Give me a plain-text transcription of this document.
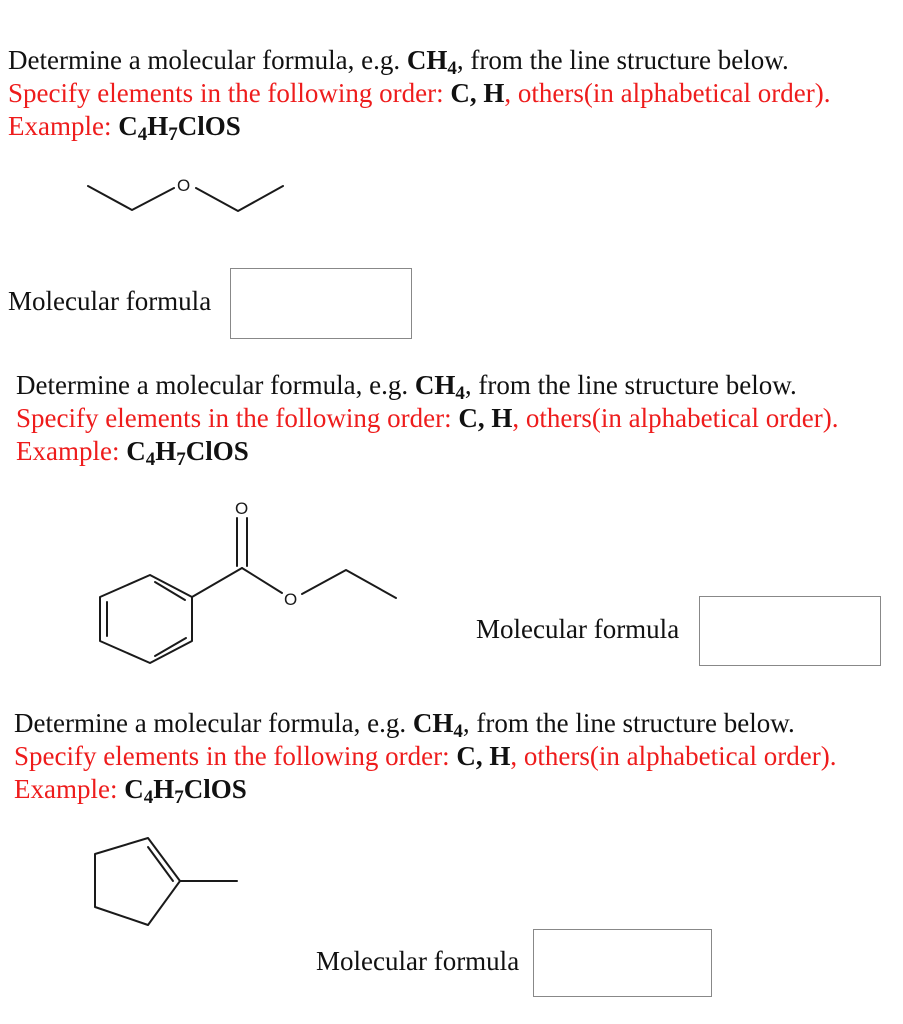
Determine a molecular formula, e.g. $CH_4$, from the line structure below.
Specify elements in the following order: C, H, others(in alphabetical order).
Example: $C_4H_7ClOS$
O
Molecular formula
Determine a molecular formula, e.g. $CH_4$, from the line structure below.
Specify elements in the following order: C, H, others(in alphabetical order).
Example: $C_4H_7ClOS$
O
O
Molecular formula
Determine a molecular formula, e.g. $CH_4$, from the line structure below.
Specify elements in the following order: C, H, others(in alphabetical order).
Example: $C_4H_7ClOS$
Molecular formula
